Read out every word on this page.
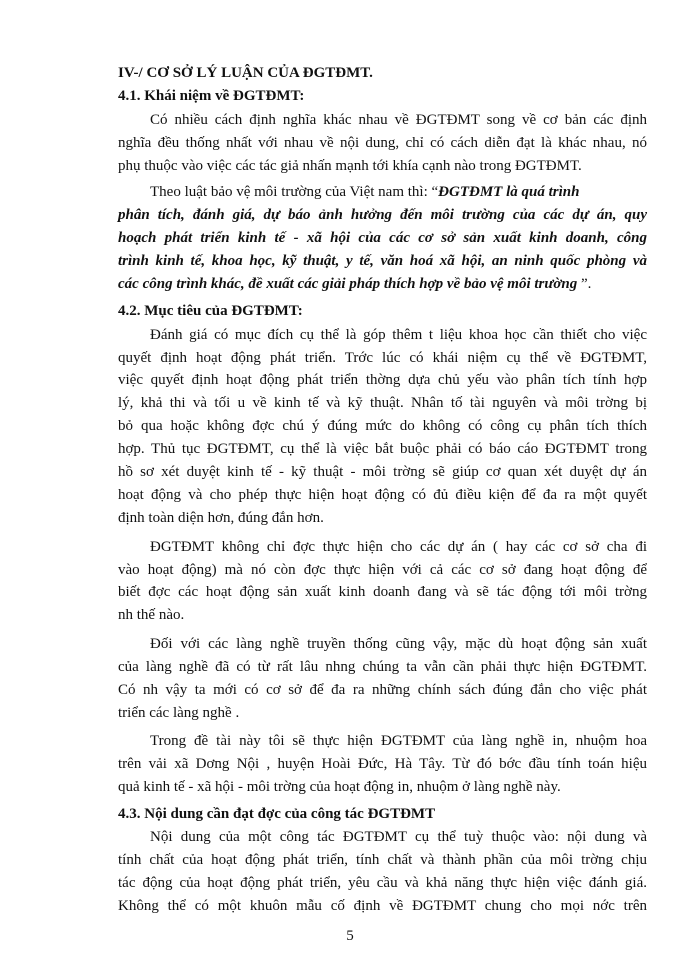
IV-/ CƠ SỞ LÝ LUẬN CỦA ĐGTĐMT.
4.1. Khái niệm về ĐGTĐMT:
Có nhiều cách định nghĩa khác nhau về ĐGTĐMT song về cơ bản các định
nghĩa đều thống nhất với nhau về nội dung, chỉ có cách diễn đạt là khác nhau, nó
phụ thuộc vào việc các tác giả nhấn mạnh tới khía cạnh nào trong ĐGTĐMT.
Theo luật bảo vệ môi trường của Việt nam thì: “ĐGTĐMT là quá trình
phân tích, đánh giá, dự báo ảnh hưởng đến môi trường của các dự án, quy
hoạch phát triển kinh tế - xã hội của các cơ sở sản xuất kinh doanh, công
trình kinh tế, khoa học, kỹ thuật, y tế, văn hoá xã hội, an ninh quốc phòng và
các công trình khác, đề xuất các giải pháp thích hợp về bảo vệ môi trường ”.
4.2. Mục tiêu của ĐGTĐMT:
Đánh giá có mục đích cụ thể là góp thêm t liệu khoa học cần thiết cho việc
quyết định hoạt động phát triển. Trớc lúc có khái niệm cụ thể về ĐGTĐMT,
việc quyết định hoạt động phát triển thờng dựa chủ yếu vào phân tích tính hợp
lý, khả thi và tối u về kinh tế và kỹ thuật. Nhân tố tài nguyên và môi trờng bị
bỏ qua hoặc không đợc chú ý đúng mức do không có công cụ phân tích thích
hợp. Thủ tục ĐGTĐMT, cụ thể là việc bắt buộc phải có báo cáo ĐGTĐMT trong
hồ sơ xét duyệt kinh tế - kỹ thuật - môi trờng sẽ giúp cơ quan xét duyệt dự án
hoạt động và cho phép thực hiện hoạt động có đủ điều kiện để đa ra một quyết
định toàn diện hơn, đúng đắn hơn.
ĐGTĐMT không chỉ đợc thực hiện cho các dự án ( hay các cơ sở cha đi
vào hoạt động) mà nó còn đợc thực hiện với cả các cơ sở đang hoạt động để
biết đợc các hoạt động sản xuất kinh doanh đang và sẽ tác động tới môi trờng
nh thế nào.
Đối với các làng nghề truyền thống cũng vậy, mặc dù hoạt động sản xuất
của làng nghề đã có từ rất lâu nhng chúng ta vẫn cần phải thực hiện ĐGTĐMT.
Có nh vậy ta mới có cơ sở để đa ra những chính sách đúng đắn cho việc phát
triển các làng nghề .
Trong đề tài này tôi sẽ thực hiện ĐGTĐMT của làng nghề in, nhuộm hoa
trên vải xã Dơng Nội , huyện Hoài Đức, Hà Tây. Từ đó bớc đầu tính toán hiệu
quả kinh tế - xã hội - môi trờng của hoạt động in, nhuộm ở làng nghề này.
4.3. Nội dung cần đạt đợc của công tác ĐGTĐMT
Nội dung của một công tác ĐGTĐMT cụ thể tuỳ thuộc vào: nội dung và
tính chất của hoạt động phát triển, tính chất và thành phần của môi trờng chịu
tác động của hoạt động phát triển, yêu cầu và khả năng thực hiện việc đánh giá.
Không thể có một khuôn mẫu cố định về ĐGTĐMT chung cho mọi nớc trên
5
